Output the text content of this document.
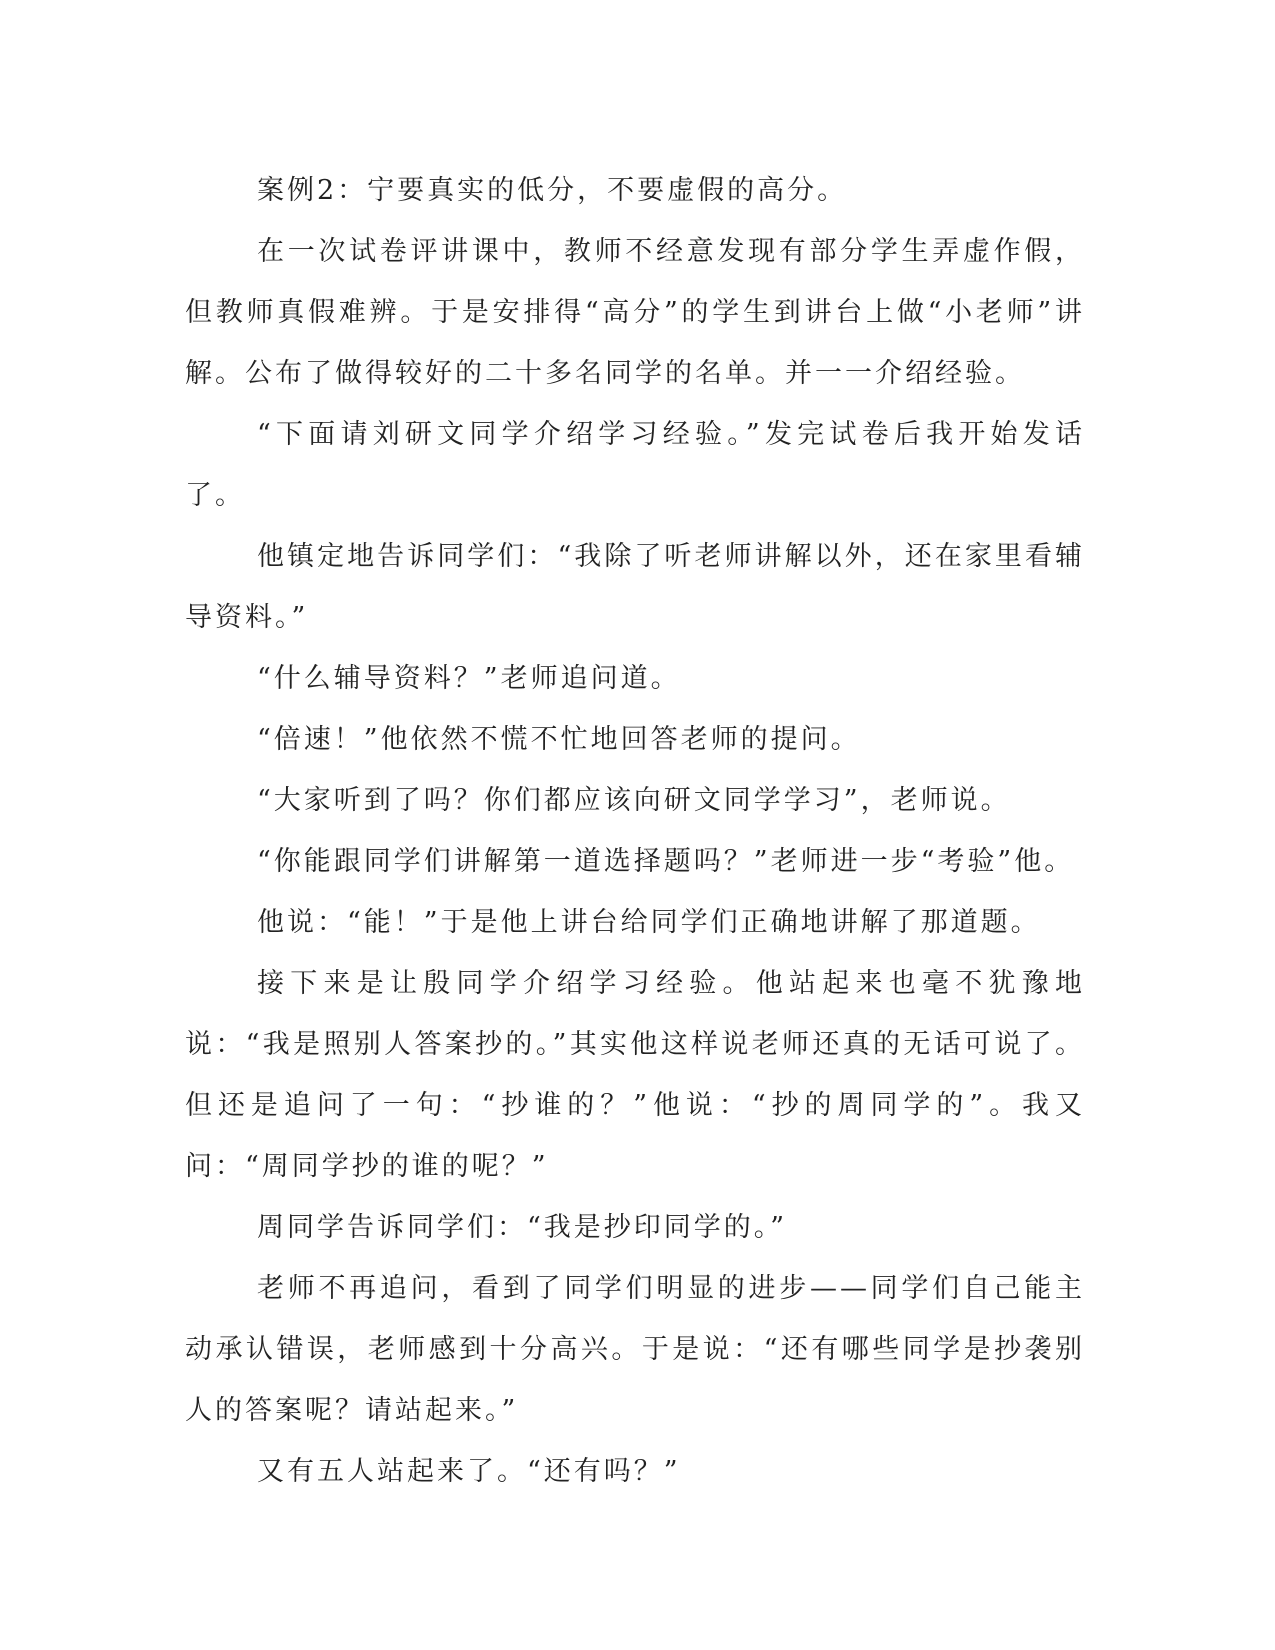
案例2：宁要真实的低分，不要虚假的高分。

在一次试卷评讲课中，教师不经意发现有部分学生弄虚作假，但教师真假难辨。于是安排得“高分”的学生到讲台上做“小老师”讲解。公布了做得较好的二十多名同学的名单。并一一介绍经验。

“下面请刘研文同学介绍学习经验。”发完试卷后我开始发话了。

他镇定地告诉同学们：“我除了听老师讲解以外，还在家里看辅导资料。”

“什么辅导资料？”老师追问道。

“倍速！”他依然不慌不忙地回答老师的提问。

“大家听到了吗？你们都应该向研文同学学习”，老师说。

“你能跟同学们讲解第一道选择题吗？”老师进一步“考验”他。

他说：“能！”于是他上讲台给同学们正确地讲解了那道题。

接下来是让殷同学介绍学习经验。他站起来也毫不犹豫地说：“我是照别人答案抄的。”其实他这样说老师还真的无话可说了。但还是追问了一句：“抄谁的？”他说：“抄的周同学的”。我又问：“周同学抄的谁的呢？”

周同学告诉同学们：“我是抄印同学的。”

老师不再追问，看到了同学们明显的进步——同学们自己能主动承认错误，老师感到十分高兴。于是说：“还有哪些同学是抄袭别人的答案呢？请站起来。”

又有五人站起来了。“还有吗？”
